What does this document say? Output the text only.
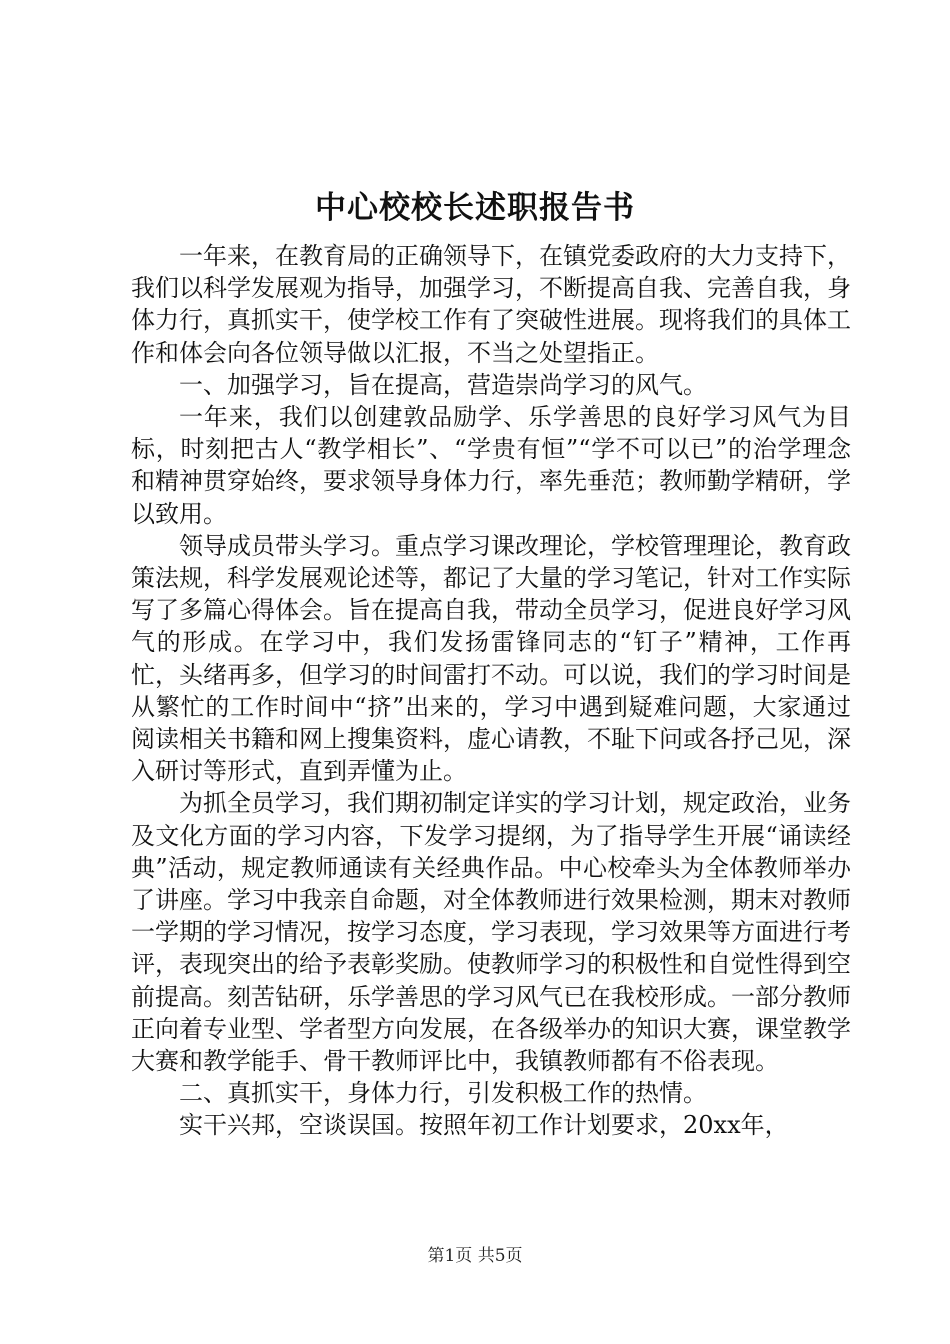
中心校校长述职报告书

一年来，在教育局的正确领导下，在镇党委政府的大力支持下，我们以科学发展观为指导，加强学习，不断提高自我、完善自我，身体力行，真抓实干，使学校工作有了突破性进展。现将我们的具体工作和体会向各位领导做以汇报，不当之处望指正。

一、加强学习，旨在提高，营造崇尚学习的风气。

一年来，我们以创建敦品励学、乐学善思的良好学习风气为目标，时刻把古人“教学相长”、“学贵有恒”“学不可以已”的治学理念和精神贯穿始终，要求领导身体力行，率先垂范；教师勤学精研，学以致用。

领导成员带头学习。重点学习课改理论，学校管理理论，教育政策法规，科学发展观论述等，都记了大量的学习笔记，针对工作实际写了多篇心得体会。旨在提高自我，带动全员学习，促进良好学习风气的形成。在学习中，我们发扬雷锋同志的“钉子”精神，工作再忙，头绪再多，但学习的时间雷打不动。可以说，我们的学习时间是从繁忙的工作时间中“挤”出来的，学习中遇到疑难问题，大家通过阅读相关书籍和网上搜集资料，虚心请教，不耻下问或各抒己见，深入研讨等形式，直到弄懂为止。

为抓全员学习，我们期初制定详实的学习计划，规定政治，业务及文化方面的学习内容，下发学习提纲，为了指导学生开展“诵读经典”活动，规定教师通读有关经典作品。中心校牵头为全体教师举办了讲座。学习中我亲自命题，对全体教师进行效果检测，期末对教师一学期的学习情况，按学习态度，学习表现，学习效果等方面进行考评，表现突出的给予表彰奖励。使教师学习的积极性和自觉性得到空前提高。刻苦钻研，乐学善思的学习风气已在我校形成。一部分教师正向着专业型、学者型方向发展，在各级举办的知识大赛，课堂教学大赛和教学能手、骨干教师评比中，我镇教师都有不俗表现。

二、真抓实干，身体力行，引发积极工作的热情。

实干兴邦，空谈误国。按照年初工作计划要求，20xx年，

第1页 共5页
